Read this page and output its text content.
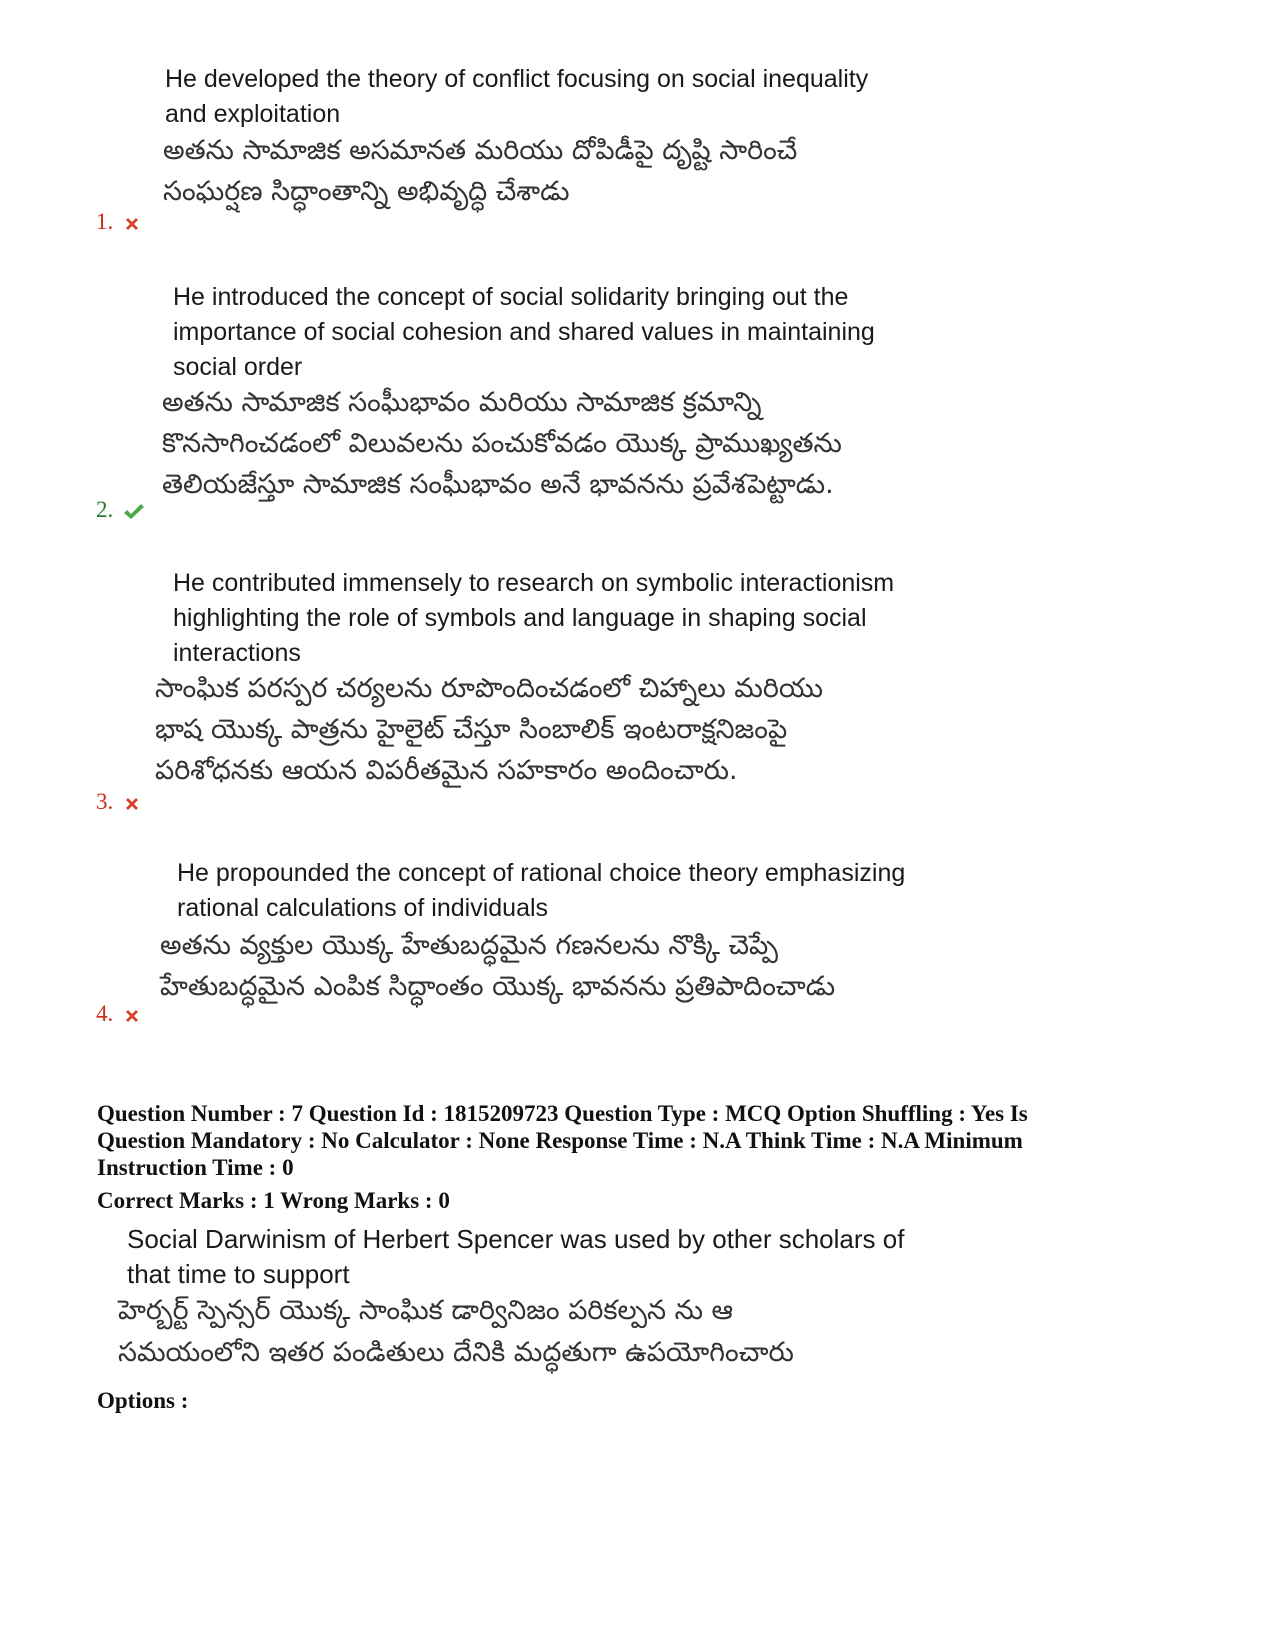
He developed the theory of conflict focusing on social inequality
and exploitation
అతను సామాజిక అసమానత మరియు దోపిడీపై దృష్టి సారించే
సంఘర్షణ సిద్ధాంతాన్ని అభివృద్ధి చేశాడు
1.
He introduced the concept of social solidarity bringing out the
importance of social cohesion and shared values in maintaining
social order
అతను సామాజిక సంఘీభావం మరియు సామాజిక క్రమాన్ని
కొనసాగించడంలో విలువలను పంచుకోవడం యొక్క ప్రాముఖ్యతను
తెలియజేస్తూ సామాజిక సంఘీభావం అనే భావనను ప్రవేశపెట్టాడు.
2.
He contributed immensely to research on symbolic interactionism
highlighting the role of symbols and language in shaping social
interactions
సాంఘిక పరస్పర చర్యలను రూపొందించడంలో చిహ్నాలు మరియు
భాష యొక్క పాత్రను హైలైట్ చేస్తూ సింబాలిక్ ఇంటరాక్షనిజంపై
పరిశోధనకు ఆయన విపరీతమైన సహకారం అందించారు.
3.
He propounded the concept of rational choice theory emphasizing
rational calculations of individuals
అతను వ్యక్తుల యొక్క హేతుబద్ధమైన గణనలను నొక్కి చెప్పే
హేతుబద్ధమైన ఎంపిక సిద్ధాంతం యొక్క భావనను ప్రతిపాదించాడు
4.
Question Number : 7 Question Id : 1815209723 Question Type : MCQ Option Shuffling : Yes Is
Question Mandatory : No Calculator : None Response Time : N.A Think Time : N.A Minimum
Instruction Time : 0
Correct Marks : 1 Wrong Marks : 0
Social Darwinism of Herbert Spencer was used by other scholars of
that time to support
హెర్బర్ట్ స్పెన్సర్ యొక్క సాంఘిక డార్వినిజం పరికల్పన ను ఆ
సమయంలోని ఇతర పండితులు దేనికి మద్ధతుగా ఉపయోగించారు
Options :
